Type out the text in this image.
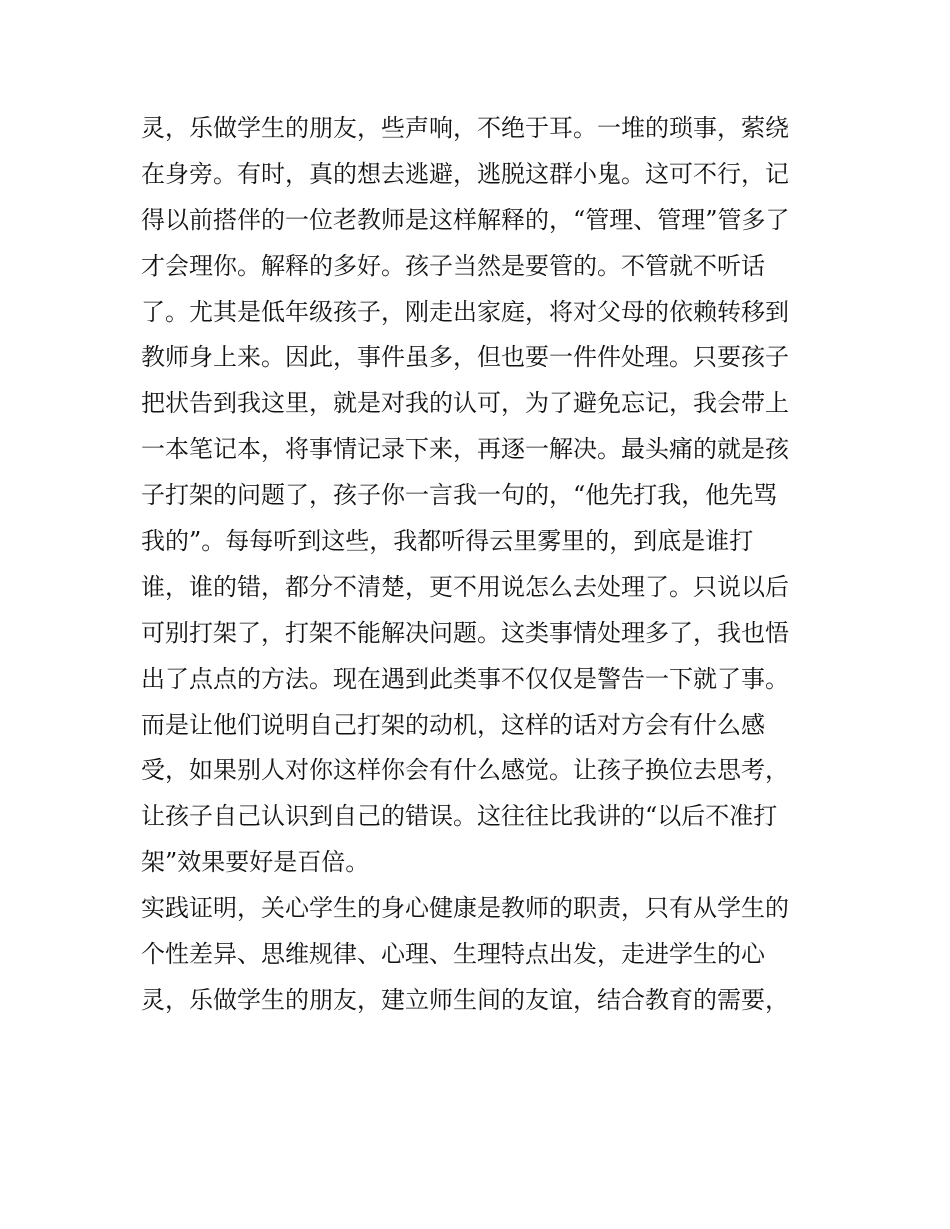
灵，乐做学生的朋友，些声响，不绝于耳。一堆的琐事，萦绕
在身旁。有时，真的想去逃避，逃脱这群小鬼。这可不行，记
得以前搭伴的一位老教师是这样解释的，“管理、管理”管多了
才会理你。解释的多好。孩子当然是要管的。不管就不听话
了。尤其是低年级孩子，刚走出家庭，将对父母的依赖转移到
教师身上来。因此，事件虽多，但也要一件件处理。只要孩子
把状告到我这里，就是对我的认可，为了避免忘记，我会带上
一本笔记本，将事情记录下来，再逐一解决。最头痛的就是孩
子打架的问题了，孩子你一言我一句的，“他先打我，他先骂
我的”。每每听到这些，我都听得云里雾里的，到底是谁打
谁，谁的错，都分不清楚，更不用说怎么去处理了。只说以后
可别打架了，打架不能解决问题。这类事情处理多了，我也悟
出了点点的方法。现在遇到此类事不仅仅是警告一下就了事。
而是让他们说明自己打架的动机，这样的话对方会有什么感
受，如果别人对你这样你会有什么感觉。让孩子换位去思考，
让孩子自己认识到自己的错误。这往往比我讲的“以后不准打
架”效果要好是百倍。
实践证明，关心学生的身心健康是教师的职责，只有从学生的
个性差异、思维规律、心理、生理特点出发，走进学生的心
灵，乐做学生的朋友，建立师生间的友谊，结合教育的需要，
